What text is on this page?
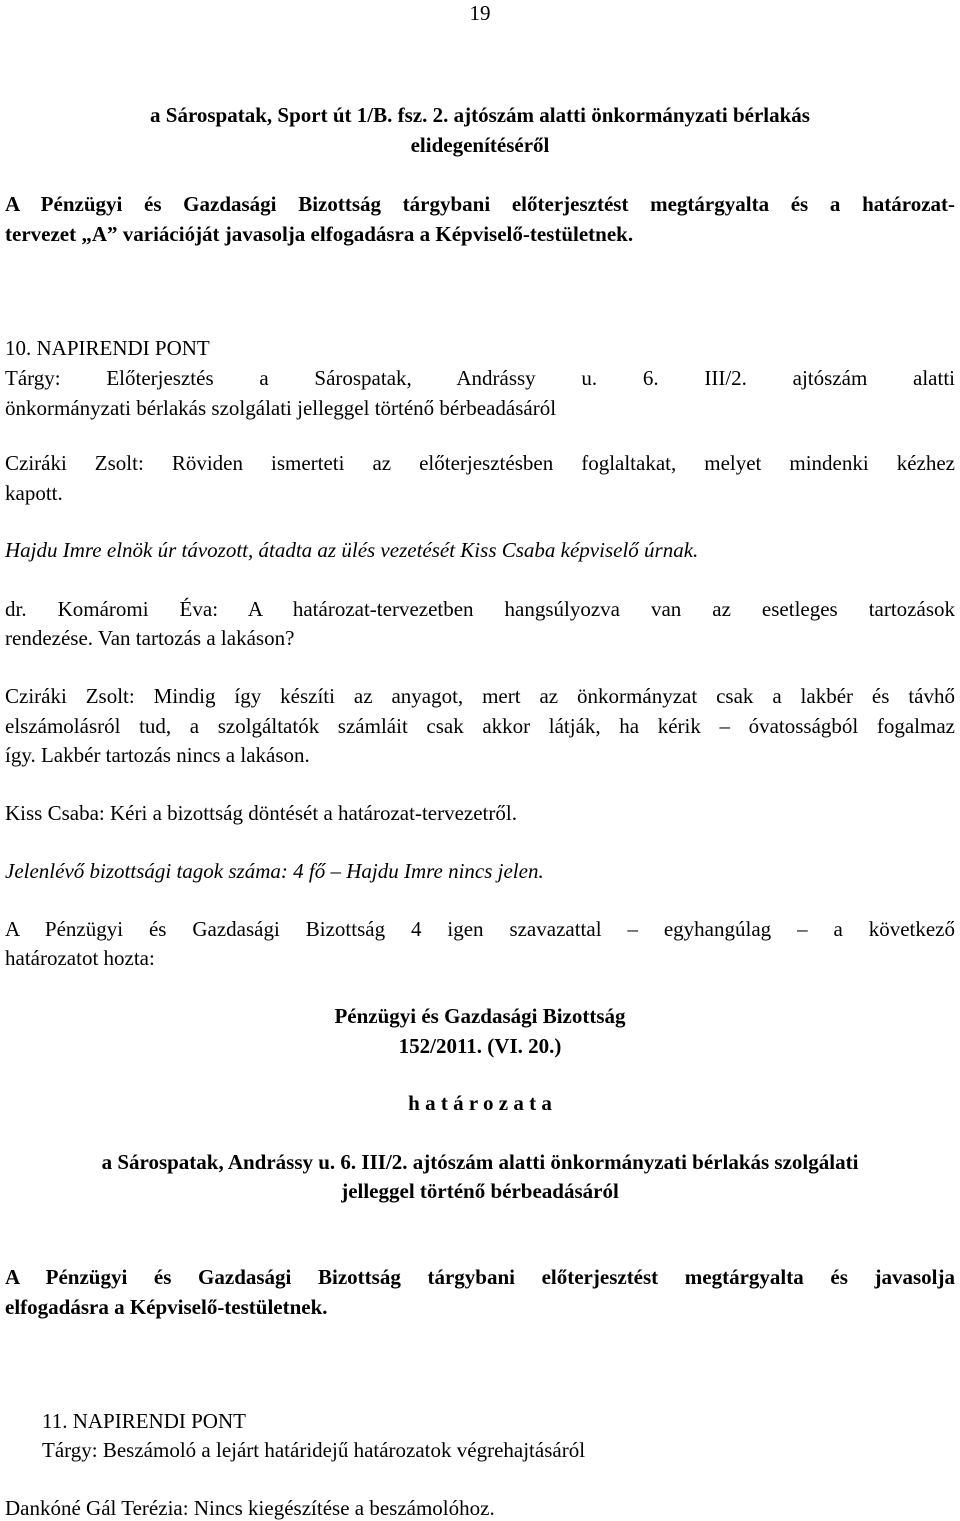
19
a Sárospatak, Sport út 1/B. fsz. 2. ajtószám alatti önkormányzati bérlakás
elidegenítéséről
A Pénzügyi és Gazdasági Bizottság tárgybani előterjesztést megtárgyalta és a határozat-
tervezet „A” variációját javasolja elfogadásra a Képviselő-testületnek.
10. NAPIRENDI PONT
Tárgy: Előterjesztés a Sárospatak, Andrássy u. 6. III/2. ajtószám alatti
önkormányzati bérlakás szolgálati jelleggel történő bérbeadásáról
Cziráki Zsolt: Röviden ismerteti az előterjesztésben foglaltakat, melyet mindenki kézhez
kapott.
Hajdu Imre elnök úr távozott, átadta az ülés vezetését Kiss Csaba képviselő úrnak.
dr. Komáromi Éva: A határozat-tervezetben hangsúlyozva van az esetleges tartozások
rendezése. Van tartozás a lakáson?
Cziráki Zsolt: Mindig így készíti az anyagot, mert az önkormányzat csak a lakbér és távhő
elszámolásról tud, a szolgáltatók számláit csak akkor látják, ha kérik – óvatosságból fogalmaz
így. Lakbér tartozás nincs a lakáson.
Kiss Csaba: Kéri a bizottság döntését a határozat-tervezetről.
Jelenlévő bizottsági tagok száma: 4 fő – Hajdu Imre nincs jelen.
A Pénzügyi és Gazdasági Bizottság 4 igen szavazattal – egyhangúlag – a következő
határozatot hozta:
Pénzügyi és Gazdasági Bizottság
152/2011. (VI. 20.)
h a t á r o z a t a
a Sárospatak, Andrássy u. 6. III/2. ajtószám alatti önkormányzati bérlakás szolgálati
jelleggel történő bérbeadásáról
A Pénzügyi és Gazdasági Bizottság tárgybani előterjesztést megtárgyalta és javasolja
elfogadásra a Képviselő-testületnek.
11. NAPIRENDI PONT
Tárgy: Beszámoló a lejárt határidejű határozatok végrehajtásáról
Dankóné Gál Terézia: Nincs kiegészítése a beszámolóhoz.
